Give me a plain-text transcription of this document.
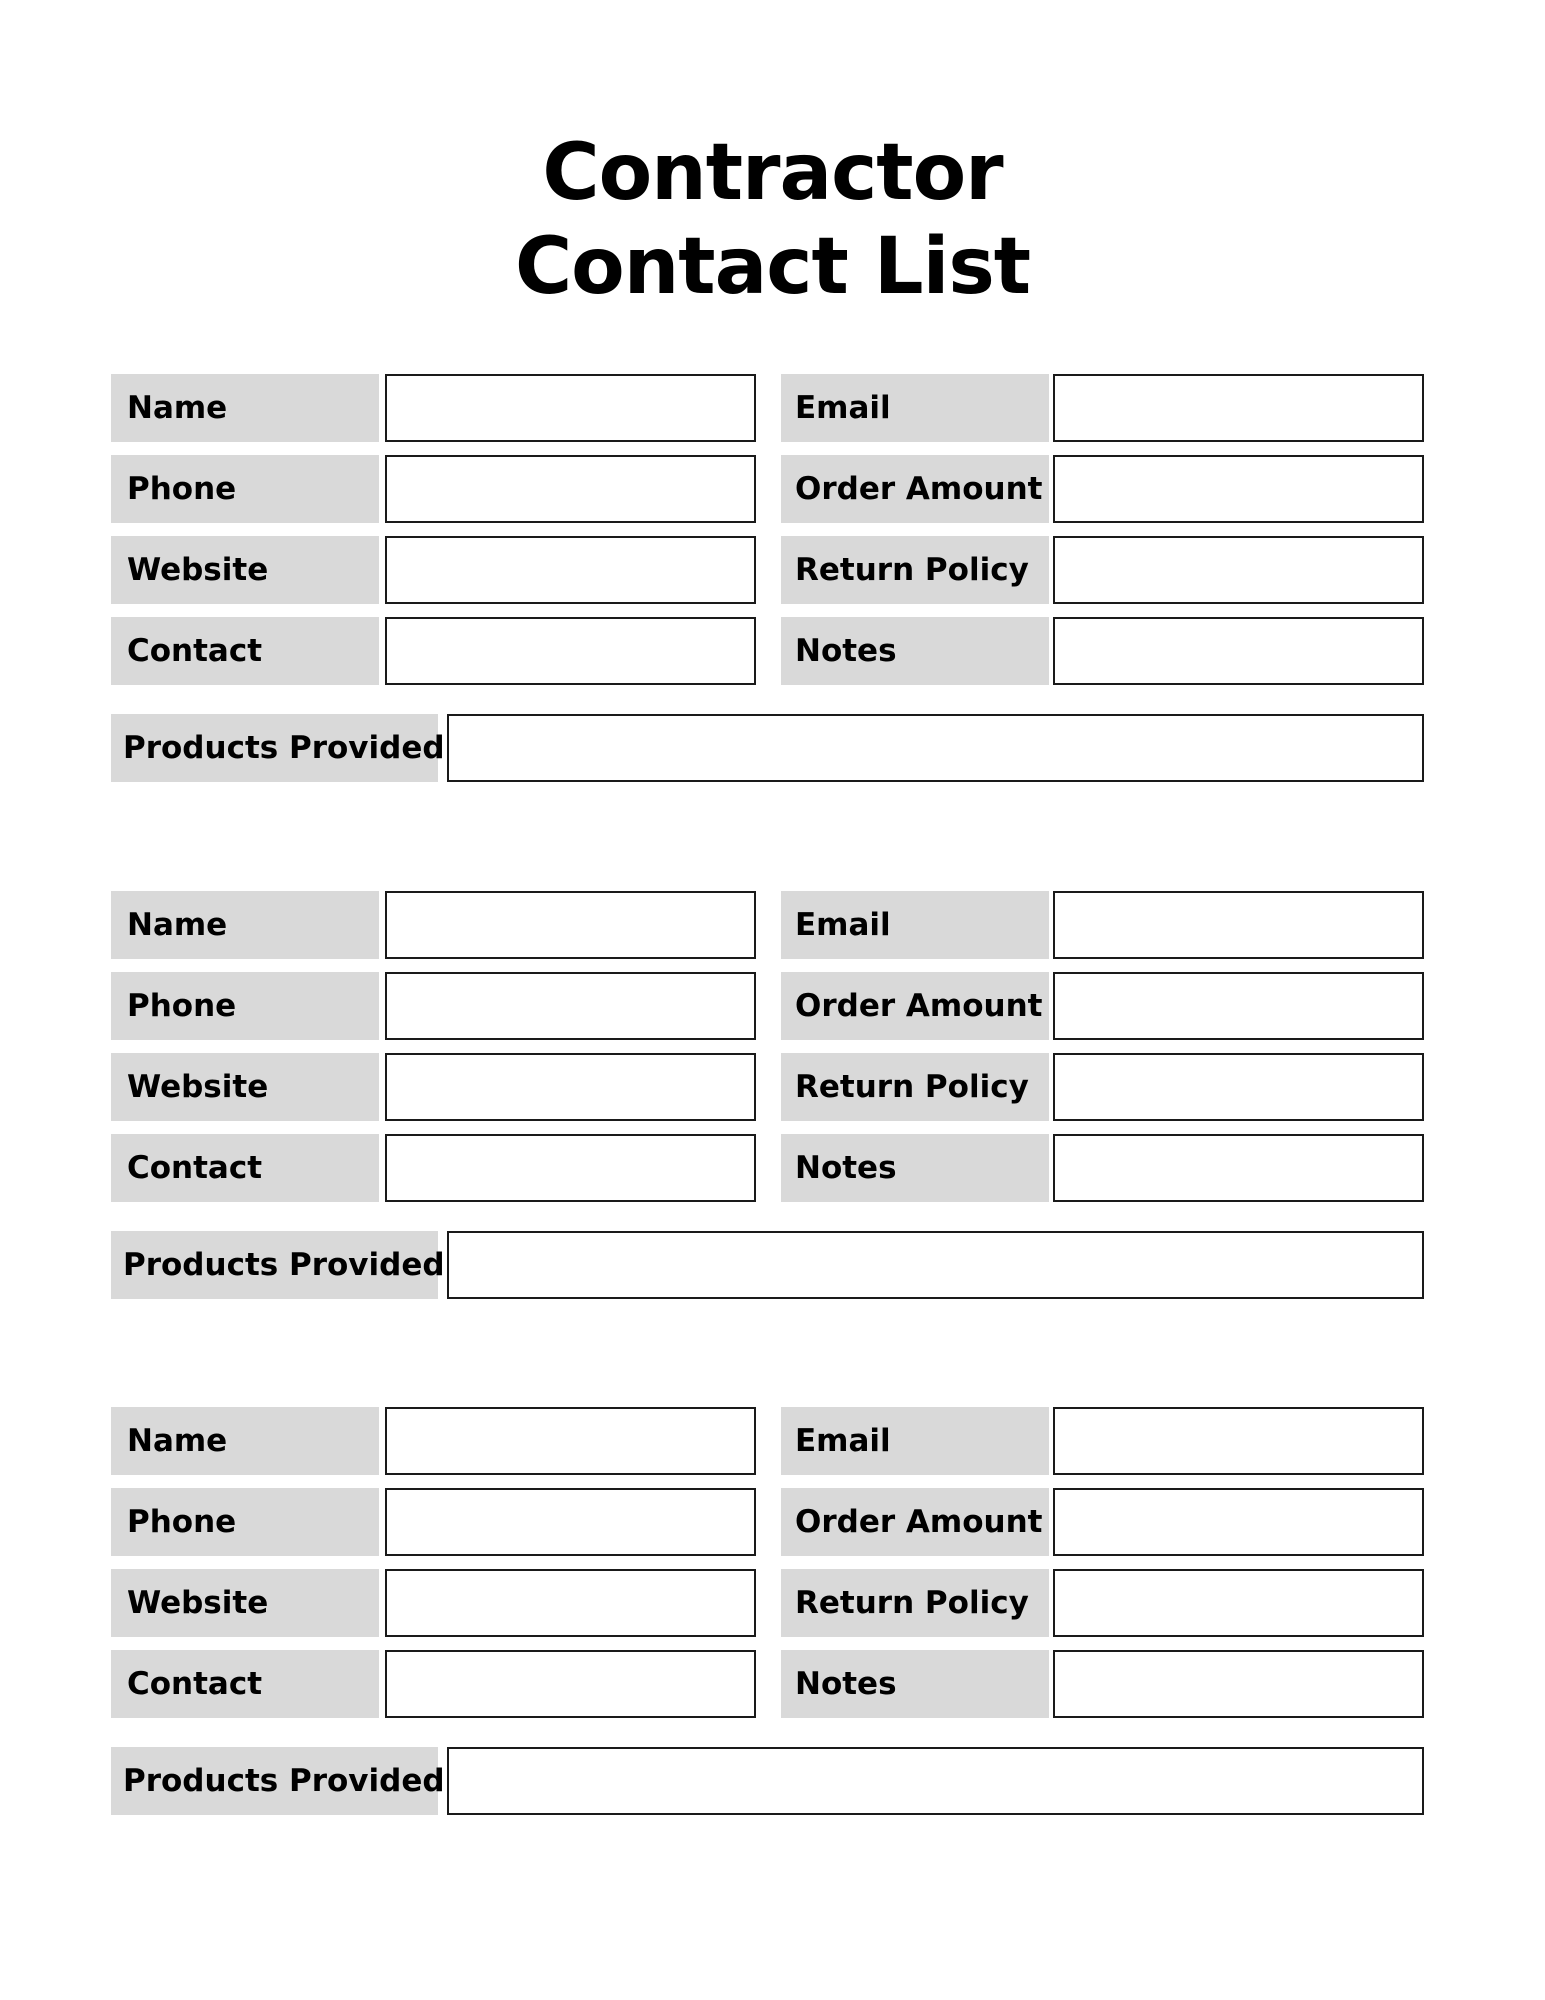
Contractor
Contact List
Name	Email
Phone	Order Amount
Website	Return Policy
Contact	Notes
Products Provided
Name	Email
Phone	Order Amount
Website	Return Policy
Contact	Notes
Products Provided
Name	Email
Phone	Order Amount
Website	Return Policy
Contact	Notes
Products Provided
